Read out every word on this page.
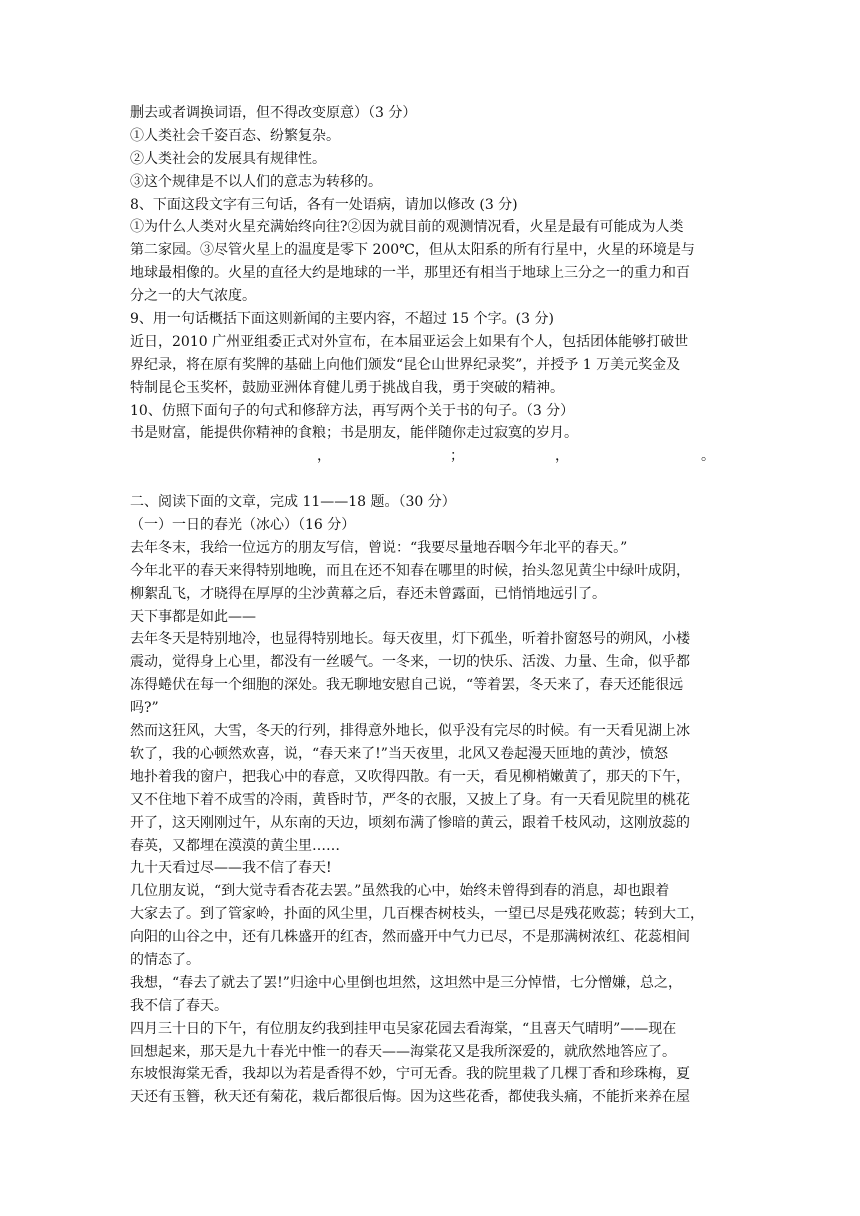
删去或者调换词语，但不得改变原意）（3 分）
①人类社会千姿百态、纷繁复杂。
②人类社会的发展具有规律性。
③这个规律是不以人们的意志为转移的。
8、下面这段文字有三句话，各有一处语病，请加以修改 (3 分)
①为什么人类对火星充满始终向往?②因为就目前的观测情况看，火星是最有可能成为人类
第二家园。③尽管火星上的温度是零下 200℃，但从太阳系的所有行星中，火星的环境是与
地球最相像的。火星的直径大约是地球的一半，那里还有相当于地球上三分之一的重力和百
分之一的大气浓度。
9、用一句话概括下面这则新闻的主要内容，不超过 15 个字。(3 分)
近日，2010 广州亚组委正式对外宣布，在本届亚运会上如果有个人，包括团体能够打破世
界纪录，将在原有奖牌的基础上向他们颁发“昆仑山世界纪录奖”，并授予 1 万美元奖金及
特制昆仑玉奖杯，鼓励亚洲体育健儿勇于挑战自我，勇于突破的精神。
10、仿照下面句子的句式和修辞方法，再写两个关于书的句子。（3 分）
书是财富，能提供你精神的食粮；书是朋友，能伴随你走过寂寞的岁月。
，	；	，	。
二、阅读下面的文章，完成 11——18 题。（30 分）
（一）一日的春光（冰心）（16 分）
去年冬末，我给一位远方的朋友写信，曾说：“我要尽量地吞咽今年北平的春天。”
今年北平的春天来得特别地晚，而且在还不知春在哪里的时候，抬头忽见黄尘中绿叶成阴，
柳絮乱飞，才晓得在厚厚的尘沙黄幕之后，春还未曾露面，已悄悄地远引了。
天下事都是如此——
去年冬天是特别地冷，也显得特别地长。每天夜里，灯下孤坐，听着扑窗怒号的朔风，小楼
震动，觉得身上心里，都没有一丝暖气。一冬来，一切的快乐、活泼、力量、生命，似乎都
冻得蜷伏在每一个细胞的深处。我无聊地安慰自己说，“等着罢，冬天来了，春天还能很远
吗?”
然而这狂风，大雪，冬天的行列，排得意外地长，似乎没有完尽的时候。有一天看见湖上冰
软了，我的心顿然欢喜，说，“春天来了!”当天夜里，北风又卷起漫天匝地的黄沙，愤怒
地扑着我的窗户，把我心中的春意，又吹得四散。有一天，看见柳梢嫩黄了，那天的下午，
又不住地下着不成雪的冷雨，黄昏时节，严冬的衣服，又披上了身。有一天看见院里的桃花
开了，这天刚刚过午，从东南的天边，顷刻布满了惨暗的黄云，跟着千枝风动，这刚放蕊的
春英，又都埋在漠漠的黄尘里……
九十天看过尽——我不信了春天!
几位朋友说，“到大觉寺看杏花去罢。”虽然我的心中，始终未曾得到春的消息，却也跟着
大家去了。到了管家岭，扑面的风尘里，几百棵杏树枝头，一望已尽是残花败蕊；转到大工，
向阳的山谷之中，还有几株盛开的红杏，然而盛开中气力已尽，不是那满树浓红、花蕊相间
的情态了。
我想，“春去了就去了罢!”归途中心里倒也坦然，这坦然中是三分悼惜，七分憎嫌，总之，
我不信了春天。
四月三十日的下午，有位朋友约我到挂甲屯吴家花园去看海棠，“且喜天气晴明”——现在
回想起来，那天是九十春光中惟一的春天——海棠花又是我所深爱的，就欣然地答应了。
东坡恨海棠无香，我却以为若是香得不妙，宁可无香。我的院里栽了几棵丁香和珍珠梅，夏
天还有玉簪，秋天还有菊花，栽后都很后悔。因为这些花香，都使我头痛，不能折来养在屋
